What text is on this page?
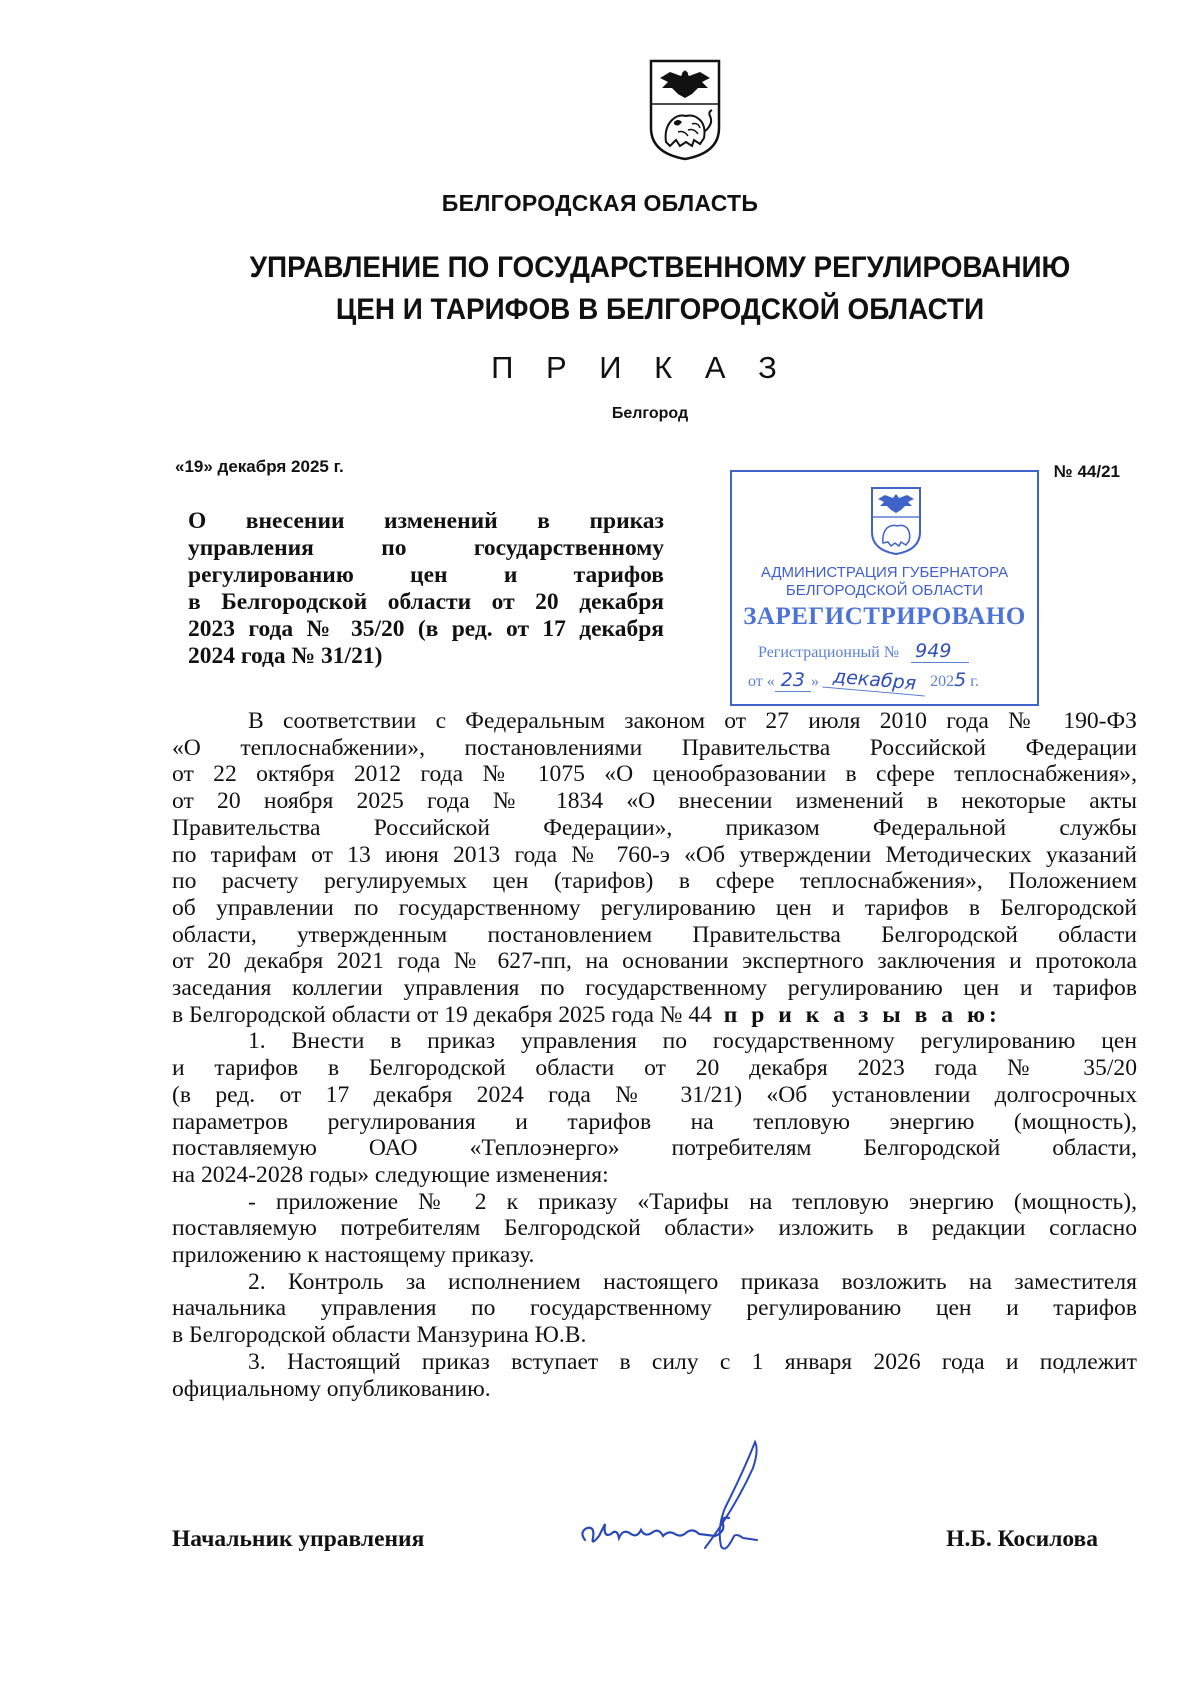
БЕЛГОРОДСКАЯ ОБЛАСТЬ
УПРАВЛЕНИЕ ПО ГОСУДАРСТВЕННОМУ РЕГУЛИРОВАНИЮ
ЦЕН И ТАРИФОВ В БЕЛГОРОДСКОЙ ОБЛАСТИ
П Р И К А З
Белгород
«19» декабря 2025 г.	№ 44/21
О внесении изменений в приказ
управления по государственному
регулированию цен и тарифов
в Белгородской области от 20 декабря
2023 года № 35/20 (в ред. от 17 декабря
2024 года № 31/21)
АДМИНИСТРАЦИЯ ГУБЕРНАТОРА
БЕЛГОРОДСКОЙ ОБЛАСТИ
ЗАРЕГИСТРИРОВАНО
Регистрационный № 949
от « 23 » декабря 2025 г.

В соответствии с Федеральным законом от 27 июля 2010 года № 190-ФЗ
«О теплоснабжении», постановлениями Правительства Российской Федерации
от 22 октября 2012 года № 1075 «О ценообразовании в сфере теплоснабжения»,
от 20 ноября 2025 года № 1834 «О внесении изменений в некоторые акты
Правительства Российской Федерации», приказом Федеральной службы
по тарифам от 13 июня 2013 года № 760-э «Об утверждении Методических указаний
по расчету регулируемых цен (тарифов) в сфере теплоснабжения», Положением
об управлении по государственному регулированию цен и тарифов в Белгородской
области, утвержденным постановлением Правительства Белгородской области
от 20 декабря 2021 года № 627-пп, на основании экспертного заключения и протокола
заседания коллегии управления по государственному регулированию цен и тарифов
в Белгородской области от 19 декабря 2025 года № 44 п р и к а з ы в а ю:

1. Внести в приказ управления по государственному регулированию цен
и тарифов в Белгородской области от 20 декабря 2023 года № 35/20
(в ред. от 17 декабря 2024 года № 31/21) «Об установлении долгосрочных
параметров регулирования и тарифов на тепловую энергию (мощность),
поставляемую ОАО «Теплоэнерго» потребителям Белгородской области,
на 2024-2028 годы» следующие изменения:

- приложение № 2 к приказу «Тарифы на тепловую энергию (мощность),
поставляемую потребителям Белгородской области» изложить в редакции согласно
приложению к настоящему приказу.

2. Контроль за исполнением настоящего приказа возложить на заместителя
начальника управления по государственному регулированию цен и тарифов
в Белгородской области Манзурина Ю.В.

3. Настоящий приказ вступает в силу с 1 января 2026 года и подлежит
официальному опубликованию.

Начальник управления	Н.Б. Косилова
